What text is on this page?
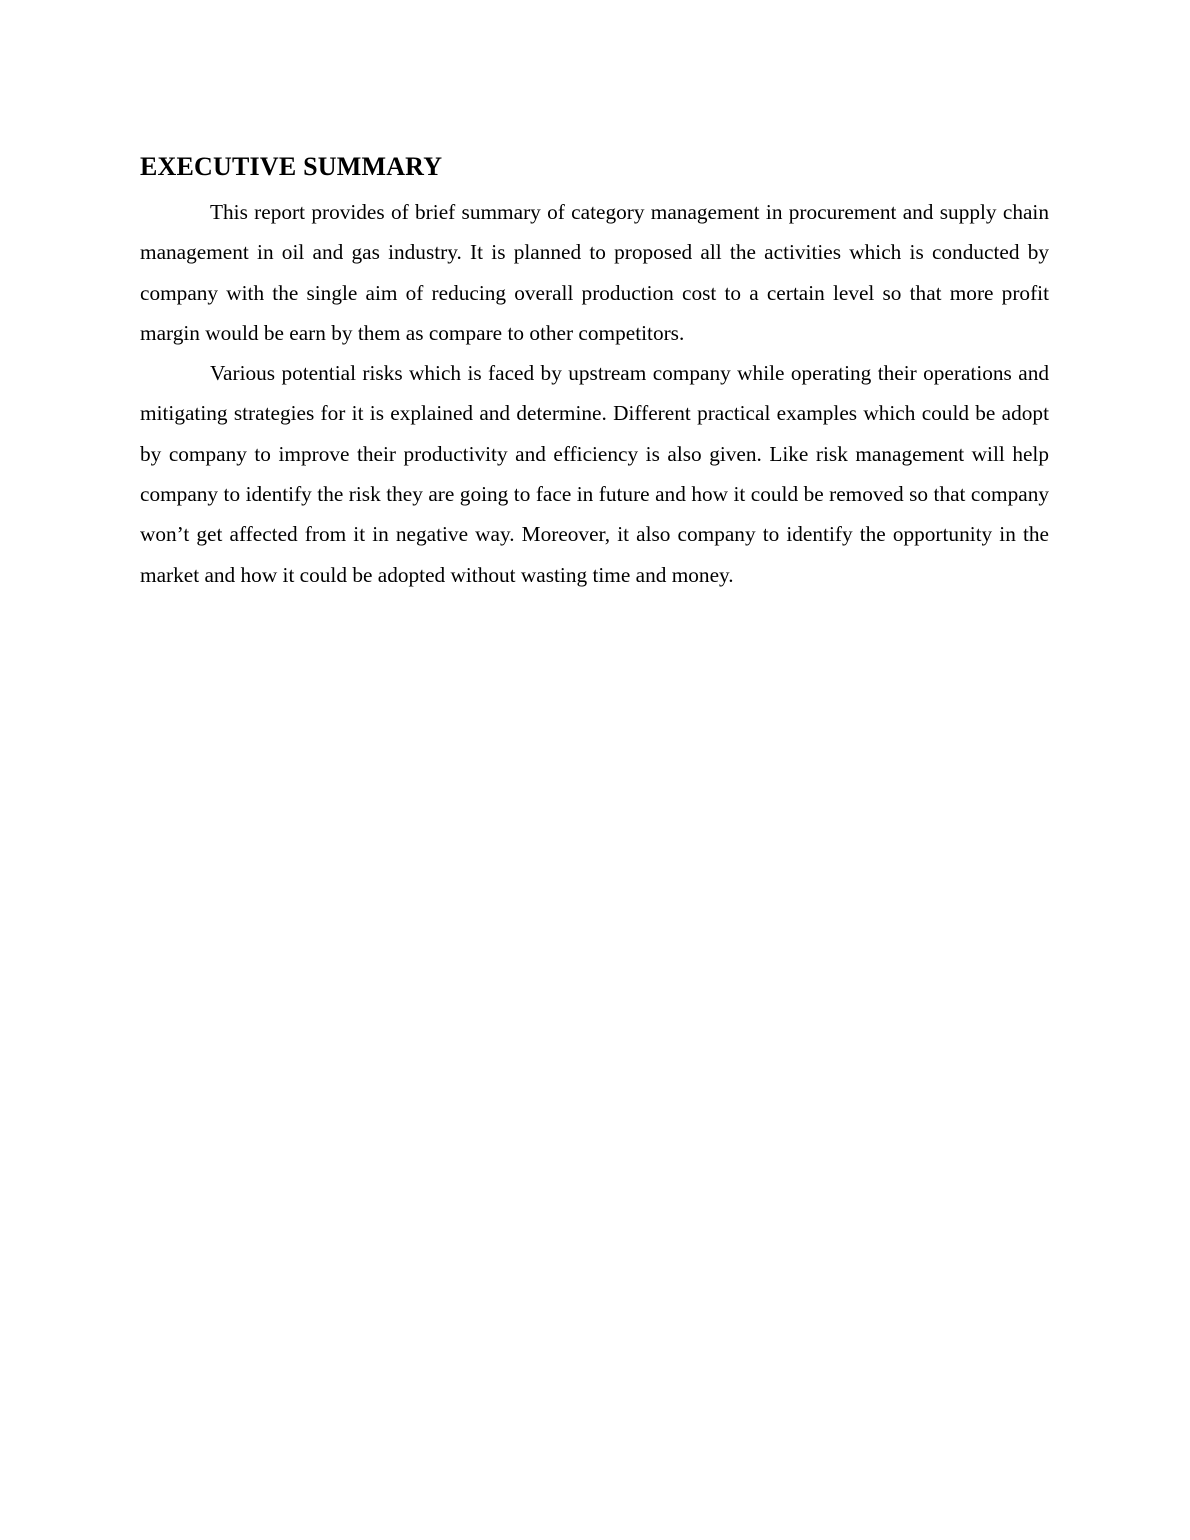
EXECUTIVE SUMMARY

This report provides of brief summary of category management in procurement and supply chain management in oil and gas industry. It is planned to proposed all the activities which is conducted by company with the single aim of reducing overall production cost to a certain level so that more profit margin would be earn by them as compare to other competitors.

Various potential risks which is faced by upstream company while operating their operations and mitigating strategies for it is explained and determine. Different practical examples which could be adopt by company to improve their productivity and efficiency is also given. Like risk management will help company to identify the risk they are going to face in future and how it could be removed so that company won’t get affected from it in negative way. Moreover, it also company to identify the opportunity in the market and how it could be adopted without wasting time and money.
